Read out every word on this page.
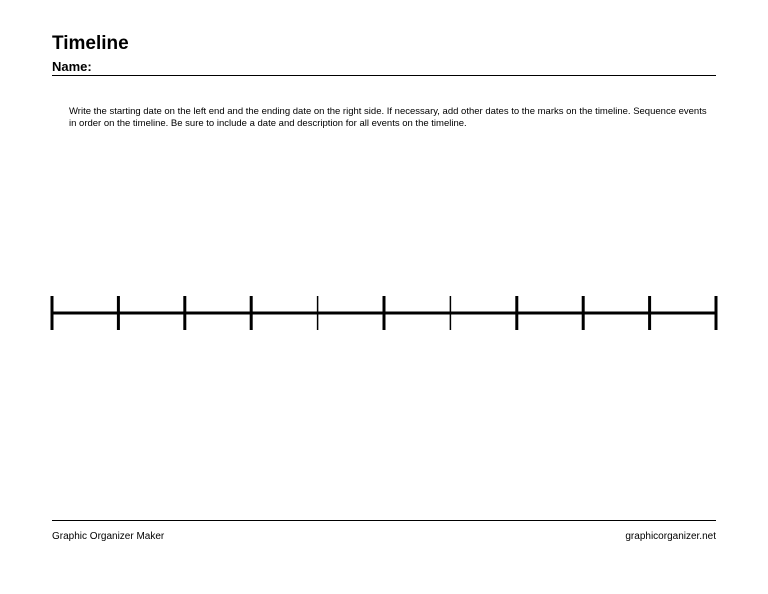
Timeline
Name:
Write the starting date on the left end and the ending date on the right side. If necessary, add other dates to the marks on the timeline. Sequence events in order on the timeline. Be sure to include a date and description for all events on the timeline.
Graphic Organizer Maker	graphicorganizer.net
